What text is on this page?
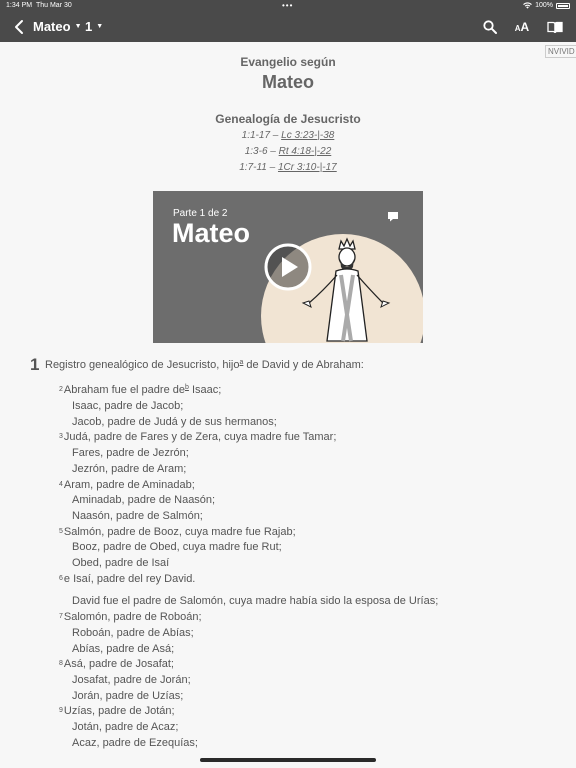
1:34 PM Thu Mar 30	•••	100%
Mateo ▼ 1 ▼	AA
NVIVID
Evangelio según
Mateo
Genealogía de Jesucristo
1:1-17 – Lc 3:23-|-38
1:3-6 – Rt 4:18-|-22
1:7-11 – 1Cr 3:10-|-17
Parte 1 de 2
Mateo
1 Registro genealógico de Jesucristo, hijo$^a$ de David y de Abraham:
2Abraham fue el padre de$^b$ Isaac;
Isaac, padre de Jacob;
Jacob, padre de Judá y de sus hermanos;
3Judá, padre de Fares y de Zera, cuya madre fue Tamar;
Fares, padre de Jezrón;
Jezrón, padre de Aram;
4Aram, padre de Aminadab;
Aminadab, padre de Naasón;
Naasón, padre de Salmón;
5Salmón, padre de Booz, cuya madre fue Rajab;
Booz, padre de Obed, cuya madre fue Rut;
Obed, padre de Isaí
6e Isaí, padre del rey David.
David fue el padre de Salomón, cuya madre había sido la esposa de Urías;
7Salomón, padre de Roboán;
Roboán, padre de Abías;
Abías, padre de Asá;
8Asá, padre de Josafat;
Josafat, padre de Jorán;
Jorán, padre de Uzías;
9Uzías, padre de Jotán;
Jotán, padre de Acaz;
Acaz, padre de Ezequías;
